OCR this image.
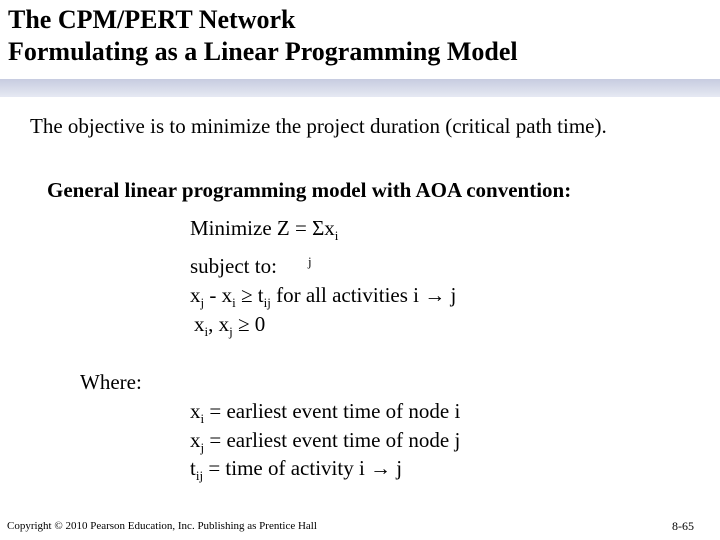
The CPM/PERT Network
Formulating as a Linear Programming Model
The objective is to minimize the project duration (critical path time).
General linear programming model with AOA convention:
Minimize $Z = \Sigma x_i$
j
subject to:
$x_j - x_i \ge t_{ij}$ for all activities i → j
$x_i$, $x_j \ge 0$
Where:
$x_i$ = earliest event time of node i
$x_j$ = earliest event time of node j
$t_{ij}$ = time of activity i → j
Copyright © 2010 Pearson Education, Inc. Publishing as Prentice Hall	8-65
